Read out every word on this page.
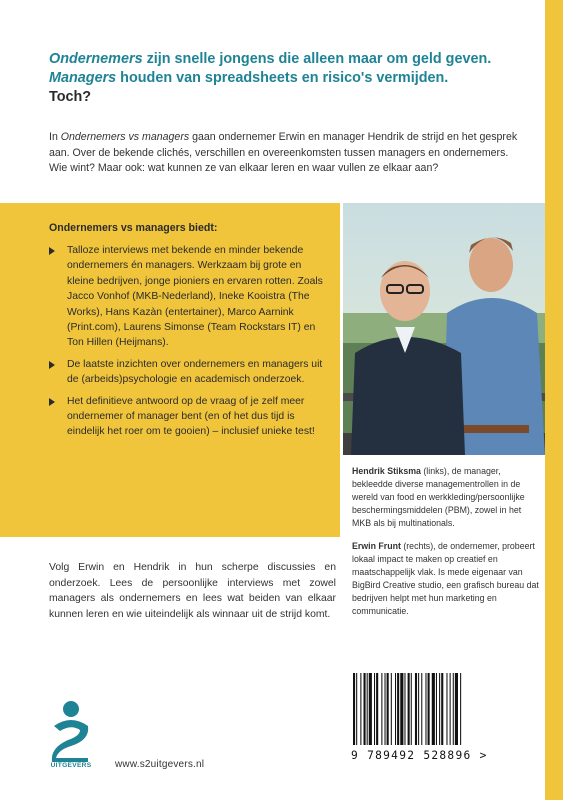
Ondernemers zijn snelle jongens die alleen maar om geld geven.
Managers houden van spreadsheets en risico's vermijden.
Toch?

In Ondernemers vs managers gaan ondernemer Erwin en manager Hendrik de strijd en het gesprek aan. Over de bekende clichés, verschillen en overeenkomsten tussen managers en ondernemers. Wie wint? Maar ook: wat kunnen ze van elkaar leren en waar vullen ze elkaar aan?

Ondernemers vs managers biedt:
Talloze interviews met bekende en minder bekende ondernemers én managers. Werkzaam bij grote en kleine bedrijven, jonge pioniers en ervaren rotten. Zoals Jacco Vonhof (MKB-Nederland), Ineke Kooistra (The Works), Hans Kazàn (entertainer), Marco Aarnink (Print.com), Laurens Simonse (Team Rockstars IT) en Ton Hillen (Heijmans).
De laatste inzichten over ondernemers en managers uit de (arbeids)psychologie en academisch onderzoek.
Het definitieve antwoord op de vraag of je zelf meer ondernemer of manager bent (en of het dus tijd is eindelijk het roer om te gooien) – inclusief unieke test!

Hendrik Stiksma (links), de manager, bekleedde diverse managementrollen in de wereld van food en werkkleding/persoonlijke beschermingsmiddelen (PBM), zowel in het MKB als bij multinationals.

Erwin Frunt (rechts), de ondernemer, probeert lokaal impact te maken op creatief en maatschappelijk vlak. Is mede eigenaar van BigBird Creative studio, een grafisch bureau dat bedrijven helpt met hun marketing en communicatie.

Volg Erwin en Hendrik in hun scherpe discussies en onderzoek. Lees de persoonlijke interviews met zowel managers als ondernemers en lees wat beiden van elkaar kunnen leren en wie uiteindelijk als winnaar uit de strijd komt.

UITGEVERS	www.s2uitgevers.nl
9 789492 528896 >
